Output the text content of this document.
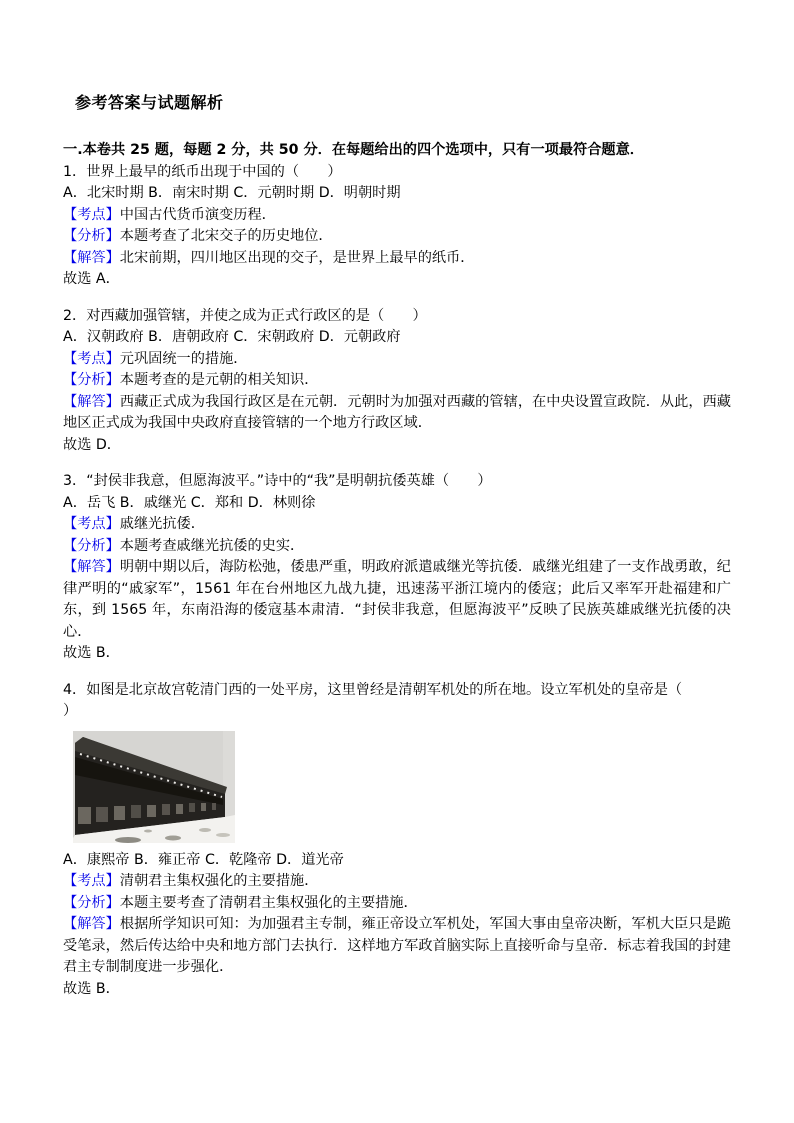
参考答案与试题解析
一.本卷共 25 题，每题 2 分，共 50 分．在每题给出的四个选项中，只有一项最符合题意．
1．世界上最早的纸币出现于中国的（　　）
A．北宋时期 B．南宋时期 C．元朝时期 D．明朝时期
【考点】中国古代货币演变历程．
【分析】本题考查了北宋交子的历史地位．
【解答】北宋前期，四川地区出现的交子，是世界上最早的纸币．
故选 A．
2．对西藏加强管辖，并使之成为正式行政区的是（　　）
A．汉朝政府 B．唐朝政府 C．宋朝政府 D．元朝政府
【考点】元巩固统一的措施．
【分析】本题考查的是元朝的相关知识．
【解答】西藏正式成为我国行政区是在元朝．元朝时为加强对西藏的管辖，在中央设置宣政院．从此，西藏地区正式成为我国中央政府直接管辖的一个地方行政区域．
故选 D．
3．“封侯非我意，但愿海波平。”诗中的“我”是明朝抗倭英雄（　　）
A．岳飞 B．戚继光 C．郑和 D．林则徐
【考点】戚继光抗倭．
【分析】本题考查戚继光抗倭的史实．
【解答】明朝中期以后，海防松弛，倭患严重，明政府派遣戚继光等抗倭．戚继光组建了一支作战勇敢，纪律严明的“戚家军”，1561 年在台州地区九战九捷，迅速荡平浙江境内的倭寇；此后又率军开赴福建和广东，到 1565 年，东南沿海的倭寇基本肃清．“封侯非我意，但愿海波平”反映了民族英雄戚继光抗倭的决心．
故选 B．
4．如图是北京故宫乾清门西的一处平房，这里曾经是清朝军机处的所在地。设立军机处的皇帝是（
）
A．康熙帝 B．雍正帝 C．乾隆帝 D．道光帝
【考点】清朝君主集权强化的主要措施．
【分析】本题主要考查了清朝君主集权强化的主要措施．
【解答】根据所学知识可知：为加强君主专制，雍正帝设立军机处，军国大事由皇帝决断，军机大臣只是跪受笔录，然后传达给中央和地方部门去执行．这样地方军政首脑实际上直接听命与皇帝．标志着我国的封建君主专制制度进一步强化．
故选 B．
